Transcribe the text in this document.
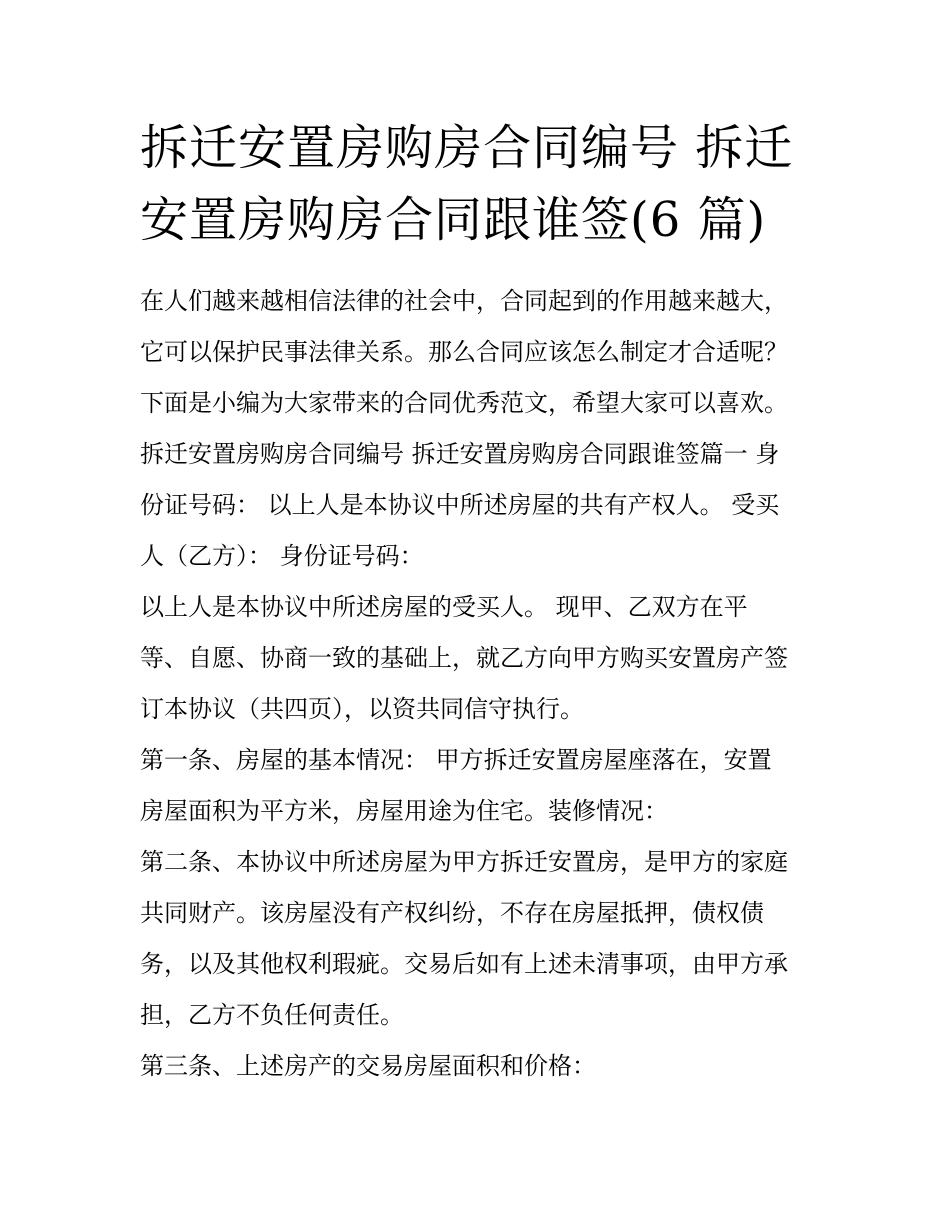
拆迁安置房购房合同编号 拆迁
安置房购房合同跟谁签(6 篇)

在人们越来越相信法律的社会中，合同起到的作用越来越大，

它可以保护民事法律关系。那么合同应该怎么制定才合适呢？

下面是小编为大家带来的合同优秀范文，希望大家可以喜欢。

拆迁安置房购房合同编号 拆迁安置房购房合同跟谁签篇一 身

份证号码： 以上人是本协议中所述房屋的共有产权人。 受买

人（乙方）： 身份证号码：

以上人是本协议中所述房屋的受买人。 现甲、乙双方在平

等、自愿、协商一致的基础上，就乙方向甲方购买安置房产签

订本协议（共四页），以资共同信守执行。

第一条、房屋的基本情况： 甲方拆迁安置房屋座落在，安置

房屋面积为平方米，房屋用途为住宅。装修情况：

第二条、本协议中所述房屋为甲方拆迁安置房，是甲方的家庭

共同财产。该房屋没有产权纠纷，不存在房屋抵押，债权债

务，以及其他权利瑕疵。交易后如有上述未清事项，由甲方承

担，乙方不负任何责任。

第三条、上述房产的交易房屋面积和价格：
